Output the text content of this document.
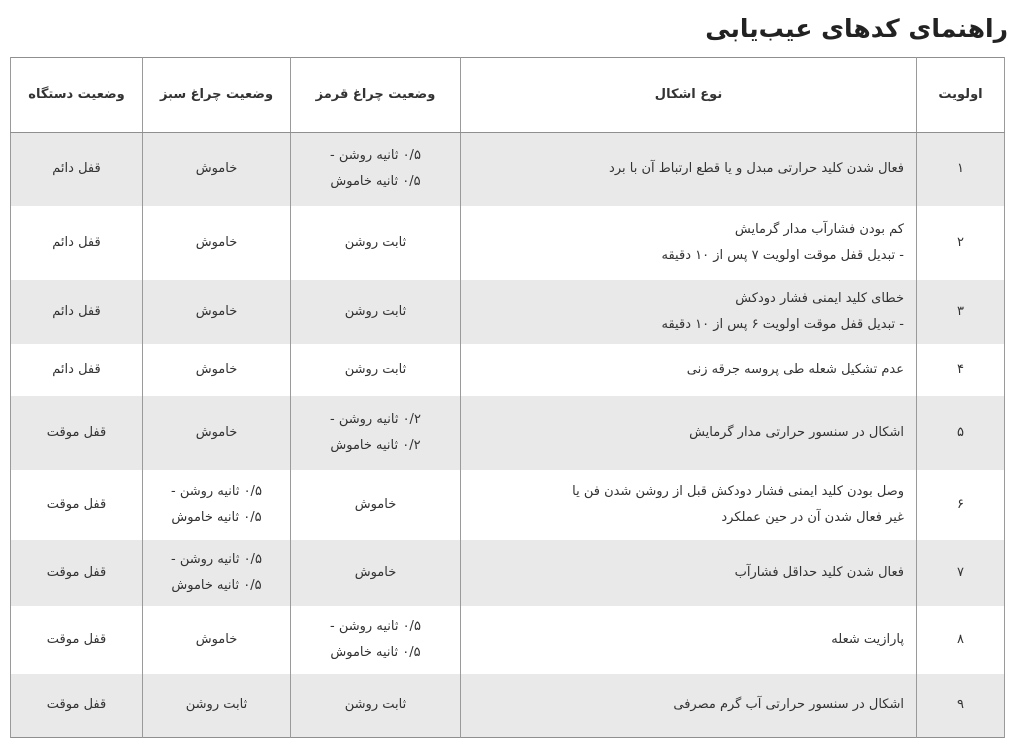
راهنمای کدهای عیب‌یابی
اولویت	نوع اشکال	وضعیت چراغ قرمز	وضعیت چراغ سبز	وضعیت دستگاه
۱	فعال شدن کلید حرارتی مبدل و یا قطع ارتباط آن با برد	۰/۵ ثانیه روشن -
۰/۵ ثانیه خاموش	خاموش	قفل دائم
۲	کم بودن فشارآب مدار گرمایش
- تبدیل قفل موقت اولویت ۷ پس از ۱۰ دقیقه	ثابت روشن	خاموش	قفل دائم
۳	خطای کلید ایمنی فشار دودکش
- تبدیل قفل موقت اولویت ۶ پس از ۱۰ دقیقه	ثابت روشن	خاموش	قفل دائم
۴	عدم تشکیل شعله طی پروسه جرقه زنی	ثابت روشن	خاموش	قفل دائم
۵	اشکال در سنسور حرارتی مدار گرمایش	۰/۲ ثانیه روشن -
۰/۲ ثانیه خاموش	خاموش	قفل موقت
۶	وصل بودن کلید ایمنی فشار دودکش قبل از روشن شدن فن یا
غیر فعال شدن آن در حین عملکرد	خاموش	۰/۵ ثانیه روشن -
۰/۵ ثانیه خاموش	قفل موقت
۷	فعال شدن کلید حداقل فشارآب	خاموش	۰/۵ ثانیه روشن -
۰/۵ ثانیه خاموش	قفل موقت
۸	پارازیت شعله	۰/۵ ثانیه روشن -
۰/۵ ثانیه خاموش	خاموش	قفل موقت
۹	اشکال در سنسور حرارتی آب گرم مصرفی	ثابت روشن	ثابت روشن	قفل موقت
